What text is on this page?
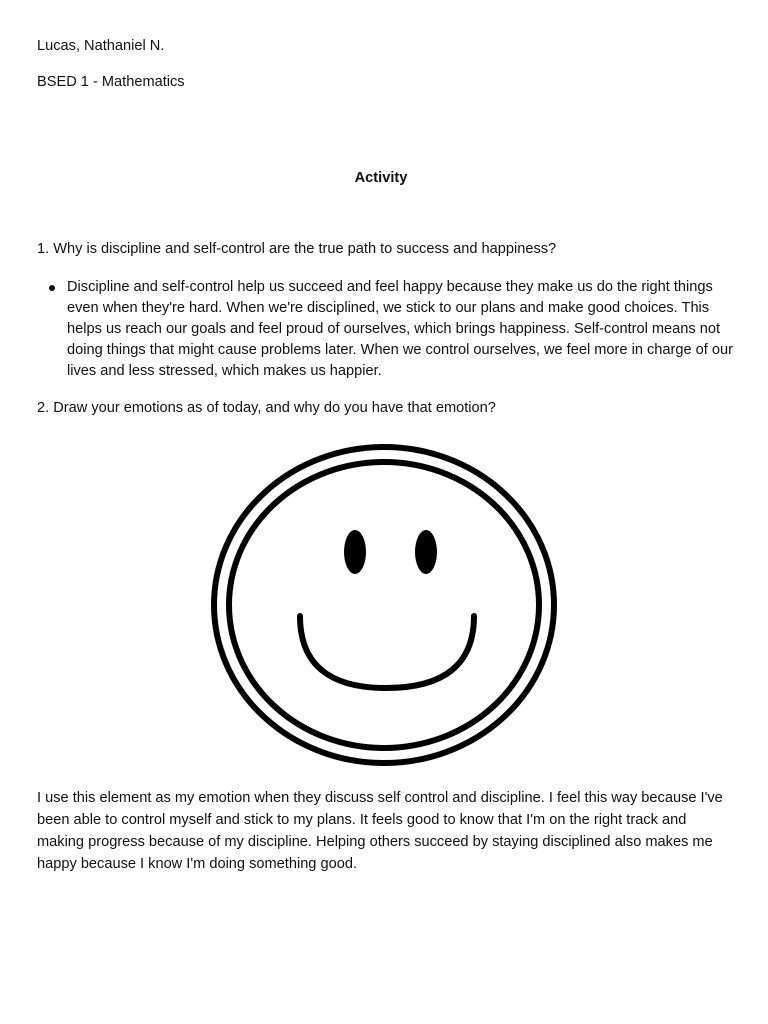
Lucas, Nathaniel N.

BSED 1 - Mathematics

Activity

1. Why is discipline and self-control are the true path to success and happiness?

Discipline and self-control help us succeed and feel happy because they make us do the right things even when they're hard. When we're disciplined, we stick to our plans and make good choices. This helps us reach our goals and feel proud of ourselves, which brings happiness. Self-control means not doing things that might cause problems later. When we control ourselves, we feel more in charge of our lives and less stressed, which makes us happier.

2. Draw your emotions as of today, and why do you have that emotion?

I use this element as my emotion when they discuss self control and discipline. I feel this way because I've been able to control myself and stick to my plans. It feels good to know that I'm on the right track and making progress because of my discipline. Helping others succeed by staying disciplined also makes me happy because I know I'm doing something good.
